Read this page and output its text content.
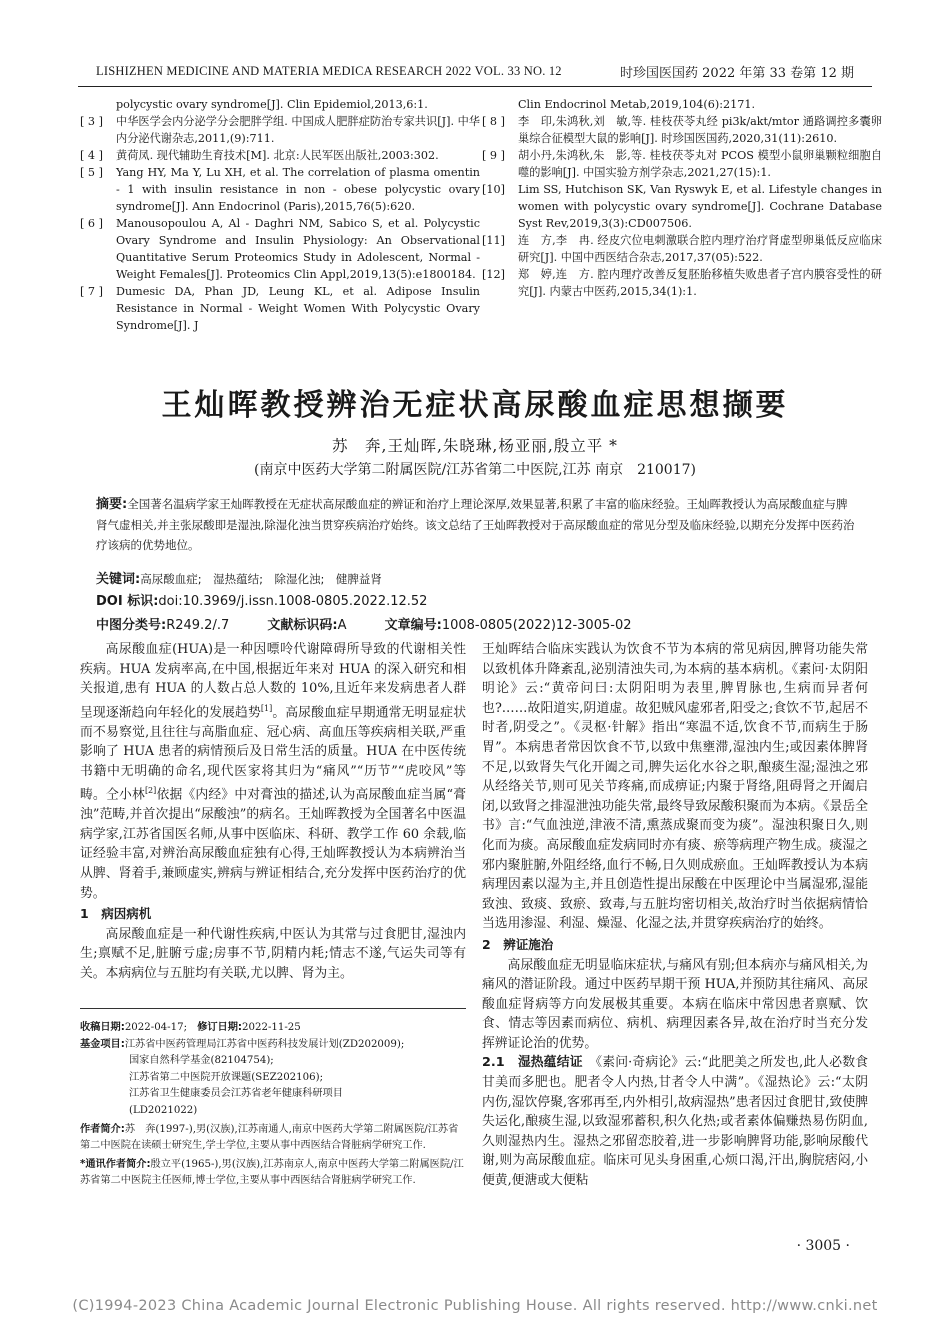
LISHIZHEN MEDICINE AND MATERIA MEDICA RESEARCH 2022 VOL. 33 NO. 12	时珍国医国药 2022 年第 33 卷第 12 期
polycystic ovary syndrome[J]. Clin Epidemiol,2013,6:1.
[ 3 ]	中华医学会内分泌学分会肥胖学组. 中国成人肥胖症防治专家共识[J]. 中华内分泌代谢杂志,2011,(9):711.
[ 4 ]	黄荷凤. 现代辅助生育技术[M]. 北京:人民军医出版社,2003:302.
[ 5 ]	Yang HY, Ma Y, Lu XH, et al. The correlation of plasma omentin - 1 with insulin resistance in non - obese polycystic ovary syndrome[J]. Ann Endocrinol (Paris),2015,76(5):620.
[ 6 ]	Manousopoulou A, Al - Daghri NM, Sabico S, et al. Polycystic Ovary Syndrome and Insulin Physiology: An Observational Quantitative Serum Proteomics Study in Adolescent, Normal - Weight Females[J]. Proteomics Clin Appl,2019,13(5):e1800184.
[ 7 ]	Dumesic DA, Phan JD, Leung KL, et al. Adipose Insulin Resistance in Normal - Weight Women With Polycystic Ovary Syndrome[J]. J
Clin Endocrinol Metab,2019,104(6):2171.
[ 8 ]	李　印,朱鸿秋,刘　敏,等. 桂枝茯苓丸经 pi3k/akt/mtor 通路调控多囊卵巢综合征模型大鼠的影响[J]. 时珍国医国药,2020,31(11):2610.
[ 9 ]	胡小丹,朱鸿秋,朱　影,等. 桂枝茯苓丸对 PCOS 模型小鼠卵巢颗粒细胞自噬的影响[J]. 中国实验方剂学杂志,2021,27(15):1.
[10]	Lim SS, Hutchison SK, Van Ryswyk E, et al. Lifestyle changes in women with polycystic ovary syndrome[J]. Cochrane Database Syst Rev,2019,3(3):CD007506.
[11]	连　方,李　冉. 经皮穴位电刺激联合腔内理疗治疗肾虚型卵巢低反应临床研究[J]. 中国中西医结合杂志,2017,37(05):522.
[12]	郑　婷,连　方. 腔内理疗改善反复胚胎移植失败患者子宫内膜容受性的研究[J]. 内蒙古中医药,2015,34(1):1.
王灿晖教授辨治无症状高尿酸血症思想撷要
苏　奔,王灿晖,朱晓琳,杨亚丽,殷立平 *
(南京中医药大学第二附属医院/江苏省第二中医院,江苏 南京　210017)
摘要:全国著名温病学家王灿晖教授在无症状高尿酸血症的辨证和治疗上理论深厚,效果显著,积累了丰富的临床经验。王灿晖教授认为高尿酸血症与脾肾气虚相关,并主张尿酸即是湿浊,除湿化浊当贯穿疾病治疗始终。该文总结了王灿晖教授对于高尿酸血症的常见分型及临床经验,以期充分发挥中医药治疗该病的优势地位。
关键词:高尿酸血症;　湿热蕴结;　除湿化浊;　健脾益肾
DOI 标识:doi:10.3969/j.issn.1008-0805.2022.12.52
中图分类号:R249.2/.7	文献标识码:A	文章编号:1008-0805(2022)12-3005-02

高尿酸血症(HUA)是一种因嘌呤代谢障碍所导致的代谢相关性疾病。HUA 发病率高,在中国,根据近年来对 HUA 的深入研究和相关报道,患有 HUA 的人数占总人数的 10%,且近年来发病患者人群呈现逐渐趋向年轻化的发展趋势[1]。高尿酸血症早期通常无明显症状而不易察觉,且往往与高脂血症、冠心病、高血压等疾病相关联,严重影响了 HUA 患者的病情预后及日常生活的质量。HUA 在中医传统书籍中无明确的命名,现代医家将其归为“痛风”“历节”“虎咬风”等畴。仝小林[2]依据《内经》中对膏浊的描述,认为高尿酸血症当属“膏浊”范畴,并首次提出“尿酸浊”的病名。王灿晖教授为全国著名中医温病学家,江苏省国医名师,从事中医临床、科研、教学工作 60 余载,临证经验丰富,对辨治高尿酸血症独有心得,王灿晖教授认为本病辨治当从脾、肾着手,兼顾虚实,辨病与辨证相结合,充分发挥中医药治疗的优势。

1　病因病机

高尿酸血症是一种代谢性疾病,中医认为其常与过食肥甘,湿浊内生;禀赋不足,脏腑亏虚;房事不节,阴精内耗;情志不遂,气运失司等有关。本病病位与五脏均有关联,尤以脾、肾为主。

收稿日期:2022-04-17;　 修订日期:2022-11-25
基金项目:江苏省中医药管理局江苏省中医药科技发展计划(ZD202009);
国家自然科学基金(82104754);
江苏省第二中医院开放课题(SEZ202106);
江苏省卫生健康委员会江苏省老年健康科研项目
(LD2021022)

作者简介:苏　奔(1997-),男(汉族),江苏南通人,南京中医药大学第二附属医院/江苏省第二中医院在读硕士研究生,学士学位,主要从事中西医结合肾脏病学研究工作.

*通讯作者简介:殷立平(1965-),男(汉族),江苏南京人,南京中医药大学第二附属医院/江苏省第二中医院主任医师,博士学位,主要从事中西医结合肾脏病学研究工作.

王灿晖结合临床实践认为饮食不节为本病的常见病因,脾肾功能失常以致机体升降紊乱,泌别清浊失司,为本病的基本病机。《素问·太阴阳明论》云:“黄帝问曰:太阴阳明为表里,脾胃脉也,生病而异者何也?……故阳道实,阴道虚。故犯贼风虚邪者,阳受之;食饮不节,起居不时者,阴受之”。《灵枢·针解》指出“寒温不适,饮食不节,而病生于肠胃”。本病患者常因饮食不节,以致中焦壅滞,湿浊内生;或因素体脾肾不足,以致肾失气化开阖之司,脾失运化水谷之职,酿痰生湿;湿浊之邪从经络关节,则可见关节疼痛,而成痹证;内聚于肾络,阻碍肾之开阖启闭,以致肾之排湿泄浊功能失常,最终导致尿酸积聚而为本病。《景岳全书》言:“气血浊逆,津液不清,熏蒸成聚而变为痰”。湿浊积聚日久,则化而为痰。高尿酸血症发病同时亦有痰、瘀等病理产物生成。痰湿之邪内聚脏腑,外阻经络,血行不畅,日久则成瘀血。王灿晖教授认为本病病理因素以湿为主,并且创造性提出尿酸在中医理论中当属湿邪,湿能致浊、致痰、致瘀、致毒,与五脏均密切相关,故治疗时当依据病情恰当选用渗湿、利湿、燥湿、化湿之法,并贯穿疾病治疗的始终。

2　辨证施治

高尿酸血症无明显临床症状,与痛风有别;但本病亦与痛风相关,为痛风的潜证阶段。通过中医药早期干预 HUA,并预防其往痛风、高尿酸血症肾病等方向发展极其重要。本病在临床中常因患者禀赋、饮食、情志等因素而病位、病机、病理因素各异,故在治疗时当充分发挥辨证论治的优势。

2.1　湿热蕴结证　 《素问·奇病论》云:“此肥美之所发也,此人必数食甘美而多肥也。肥者令人内热,甘者令人中满”。《湿热论》云:“太阴内伤,湿饮停聚,客邪再至,内外相引,故病湿热”患者因过食肥甘,致使脾失运化,酿痰生湿,以致湿邪蓄积,积久化热;或者素体偏赚热易伤阴血,久则湿热内生。湿热之邪留恋胶着,进一步影响脾肾功能,影响尿酸代谢,则为高尿酸血症。临床可见头身困重,心烦口渴,汗出,胸脘痞闷,小便黄,便溏或大便粘

· 3005 ·
(C)1994-2023 China Academic Journal Electronic Publishing House. All rights reserved. http://www.cnki.net
